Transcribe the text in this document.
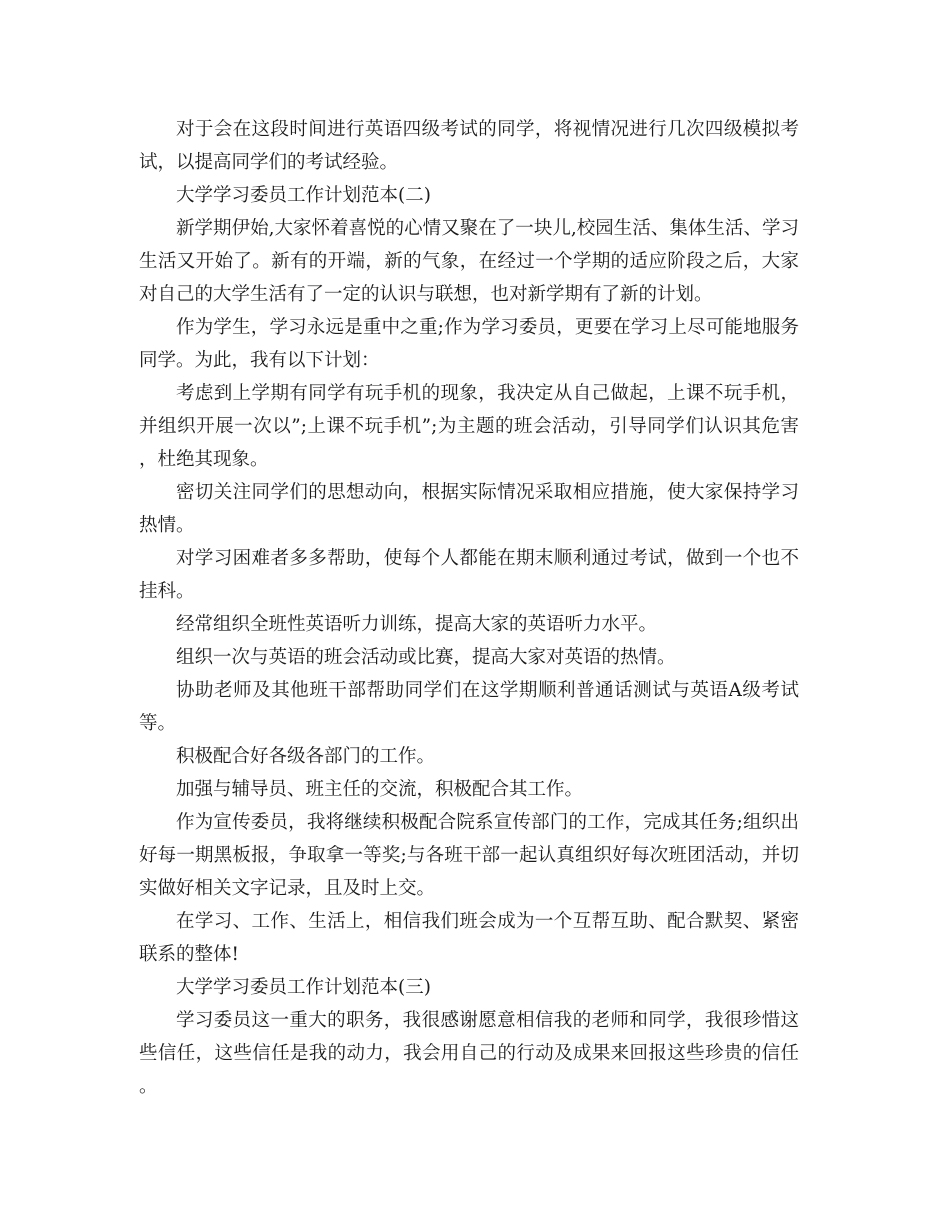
对于会在这段时间进行英语四级考试的同学，将视情况进行几次四级模拟考试，以提高同学们的考试经验。

大学学习委员工作计划范本(二)

新学期伊始,大家怀着喜悦的心情又聚在了一块儿,校园生活、集体生活、学习生活又开始了。新有的开端，新的气象，在经过一个学期的适应阶段之后，大家对自己的大学生活有了一定的认识与联想，也对新学期有了新的计划。

作为学生，学习永远是重中之重;作为学习委员，更要在学习上尽可能地服务同学。为此，我有以下计划：

考虑到上学期有同学有玩手机的现象，我决定从自己做起，上课不玩手机，并组织开展一次以”;上课不玩手机”;为主题的班会活动，引导同学们认识其危害，杜绝其现象。

密切关注同学们的思想动向，根据实际情况采取相应措施，使大家保持学习热情。

对学习困难者多多帮助，使每个人都能在期末顺利通过考试，做到一个也不挂科。

经常组织全班性英语听力训练，提高大家的英语听力水平。

组织一次与英语的班会活动或比赛，提高大家对英语的热情。

协助老师及其他班干部帮助同学们在这学期顺利普通话测试与英语A级考试等。

积极配合好各级各部门的工作。

加强与辅导员、班主任的交流，积极配合其工作。

作为宣传委员，我将继续积极配合院系宣传部门的工作，完成其任务;组织出好每一期黑板报，争取拿一等奖;与各班干部一起认真组织好每次班团活动，并切实做好相关文字记录，且及时上交。

在学习、工作、生活上，相信我们班会成为一个互帮互助、配合默契、紧密联系的整体!

大学学习委员工作计划范本(三)

学习委员这一重大的职务，我很感谢愿意相信我的老师和同学，我很珍惜这些信任，这些信任是我的动力，我会用自己的行动及成果来回报这些珍贵的信任。
